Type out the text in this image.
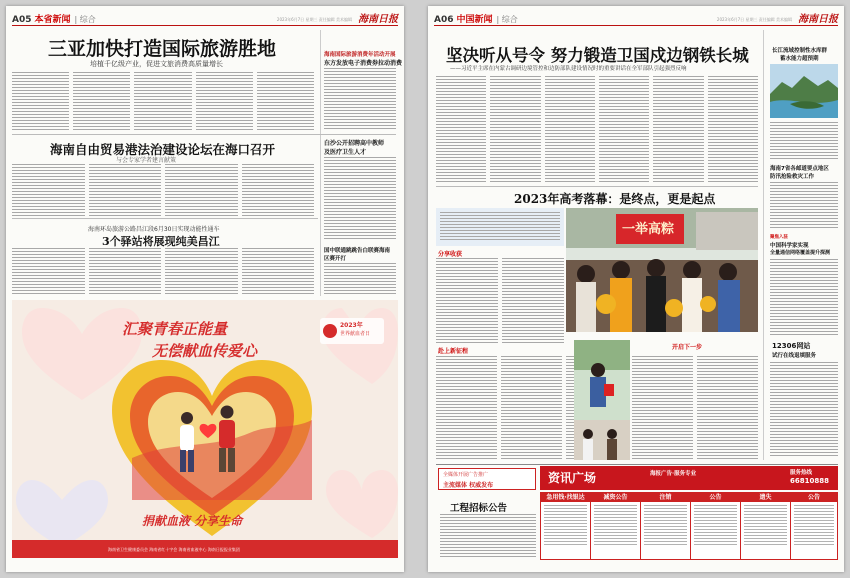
A05 本省新闻 | 综合	2023年6月7日 星期三 责任编辑 美术编辑 海南日报
三亚加快打造国际旅游胜地
培植千亿级产业，促进文旅消费高质量增长
海南国际旅游消费年活动开展
东方发放电子消费券拉动消费
海南自由贸易港法治建设论坛在海口召开
与会专家学者建言献策
白沙公开招聘高中教师
及医疗卫生人才
海南环岛旅游公路昌江段6月30日实现动能性通车
3个驿站将展现纯美昌江
国中联通跳跳告白联赛海南
区赛开打
汇聚青春正能量
无偿献血传爱心
2023年
世界献血者日
捐献血液 分享生命
海南省卫生健康委员会 海南省红十字会 海南省血液中心 海南日报报业集团
A06 中国新闻 | 综合	2023年6月7日 星期三 责任编辑 美术编辑 海南日报
坚决听从号令 努力锻造卫国戍边钢铁长城
——习近平主席在内蒙古调研边境管控和边防部队建设情况时的重要讲话在全军部队引起强烈反响
长江流域控制性水库群
蓄水能力超预期
海南7省各邮道要点地区
防汛抢险救灾工作
聚焦入驻
中国科学家实现
全量通信网络覆盖提升探测
12306网站
试行在线退填服务
2023年高考落幕：是终点，更是起点
一举高粽
分享收获
赴上新征程
开启下一步
全媒体开展广告推广
主流媒体 权威发布
工程招标公告
资讯广场	海报广告·服务专业	服务热线
66810888
急用钱·找银达	减资公告	注销	公告	遗失	公告
